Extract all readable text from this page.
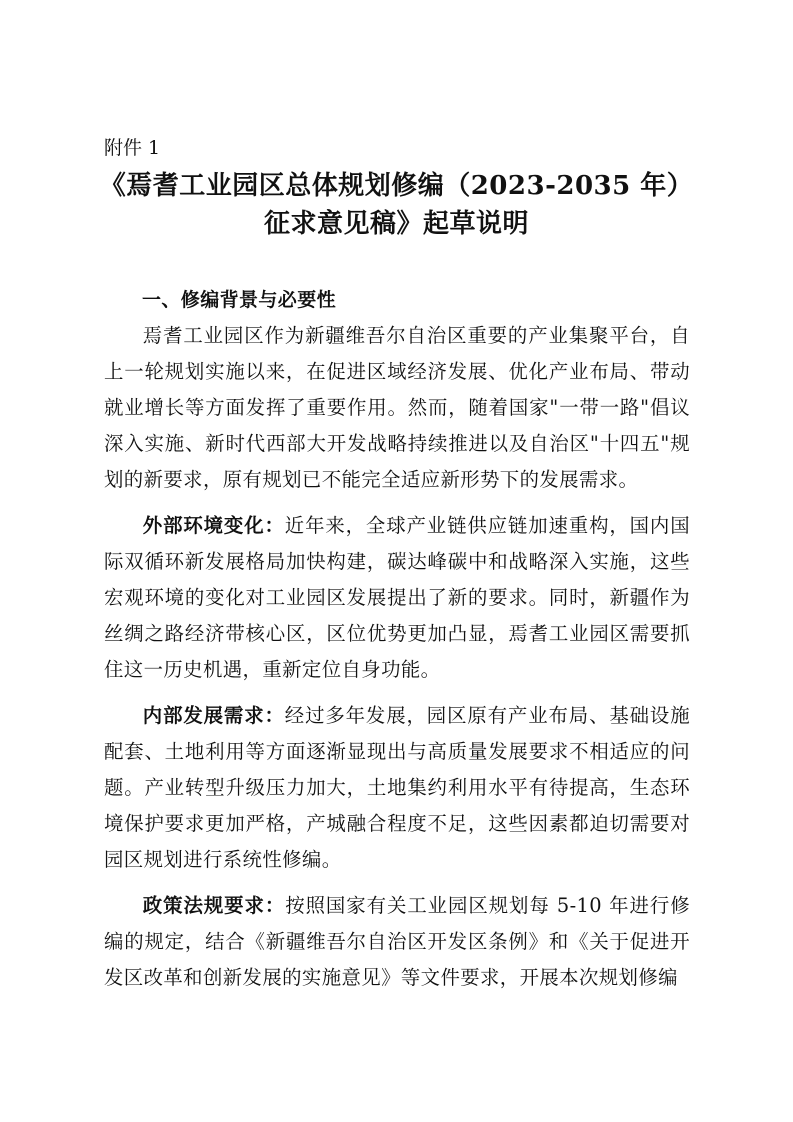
附件 1
《焉耆工业园区总体规划修编（2023-2035 年）
征求意见稿》起草说明

一、修编背景与必要性

焉耆工业园区作为新疆维吾尔自治区重要的产业集聚平台，自上一轮规划实施以来，在促进区域经济发展、优化产业布局、带动就业增长等方面发挥了重要作用。然而，随着国家"一带一路"倡议深入实施、新时代西部大开发战略持续推进以及自治区"十四五"规划的新要求，原有规划已不能完全适应新形势下的发展需求。

外部环境变化：近年来，全球产业链供应链加速重构，国内国际双循环新发展格局加快构建，碳达峰碳中和战略深入实施，这些宏观环境的变化对工业园区发展提出了新的要求。同时，新疆作为丝绸之路经济带核心区，区位优势更加凸显，焉耆工业园区需要抓住这一历史机遇，重新定位自身功能。

内部发展需求：经过多年发展，园区原有产业布局、基础设施配套、土地利用等方面逐渐显现出与高质量发展要求不相适应的问题。产业转型升级压力加大，土地集约利用水平有待提高，生态环境保护要求更加严格，产城融合程度不足，这些因素都迫切需要对园区规划进行系统性修编。

政策法规要求：按照国家有关工业园区规划每 5-10 年进行修编的规定，结合《新疆维吾尔自治区开发区条例》和《关于促进开发区改革和创新发展的实施意见》等文件要求，开展本次规划修编
